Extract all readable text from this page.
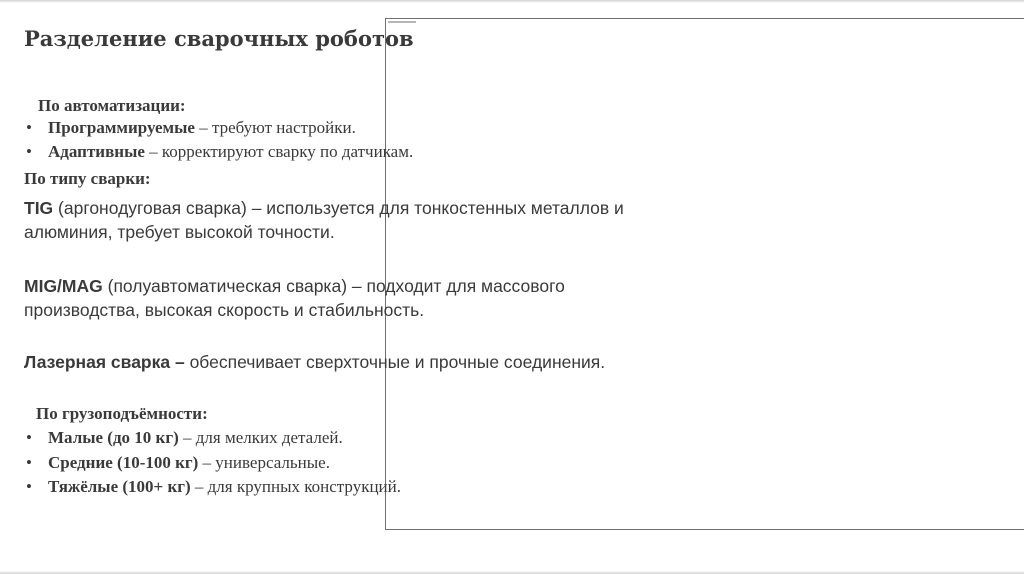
Разделение сварочных роботов
По автоматизации:
• Программируемые – требуют настройки.
• Адаптивные – корректируют сварку по датчикам.
По типу сварки:
TIG (аргонодуговая сварка) – используется для тонкостенных металлов и алюминия, требует высокой точности.
MIG/MAG (полуавтоматическая сварка) – подходит для массового производства, высокая скорость и стабильность.
Лазерная сварка – обеспечивает сверхточные и прочные соединения.
По грузоподъёмности:
• Малые (до 10 кг) – для мелких деталей.
• Средние (10-100 кг) – универсальные.
• Тяжёлые (100+ кг) – для крупных конструкций.
